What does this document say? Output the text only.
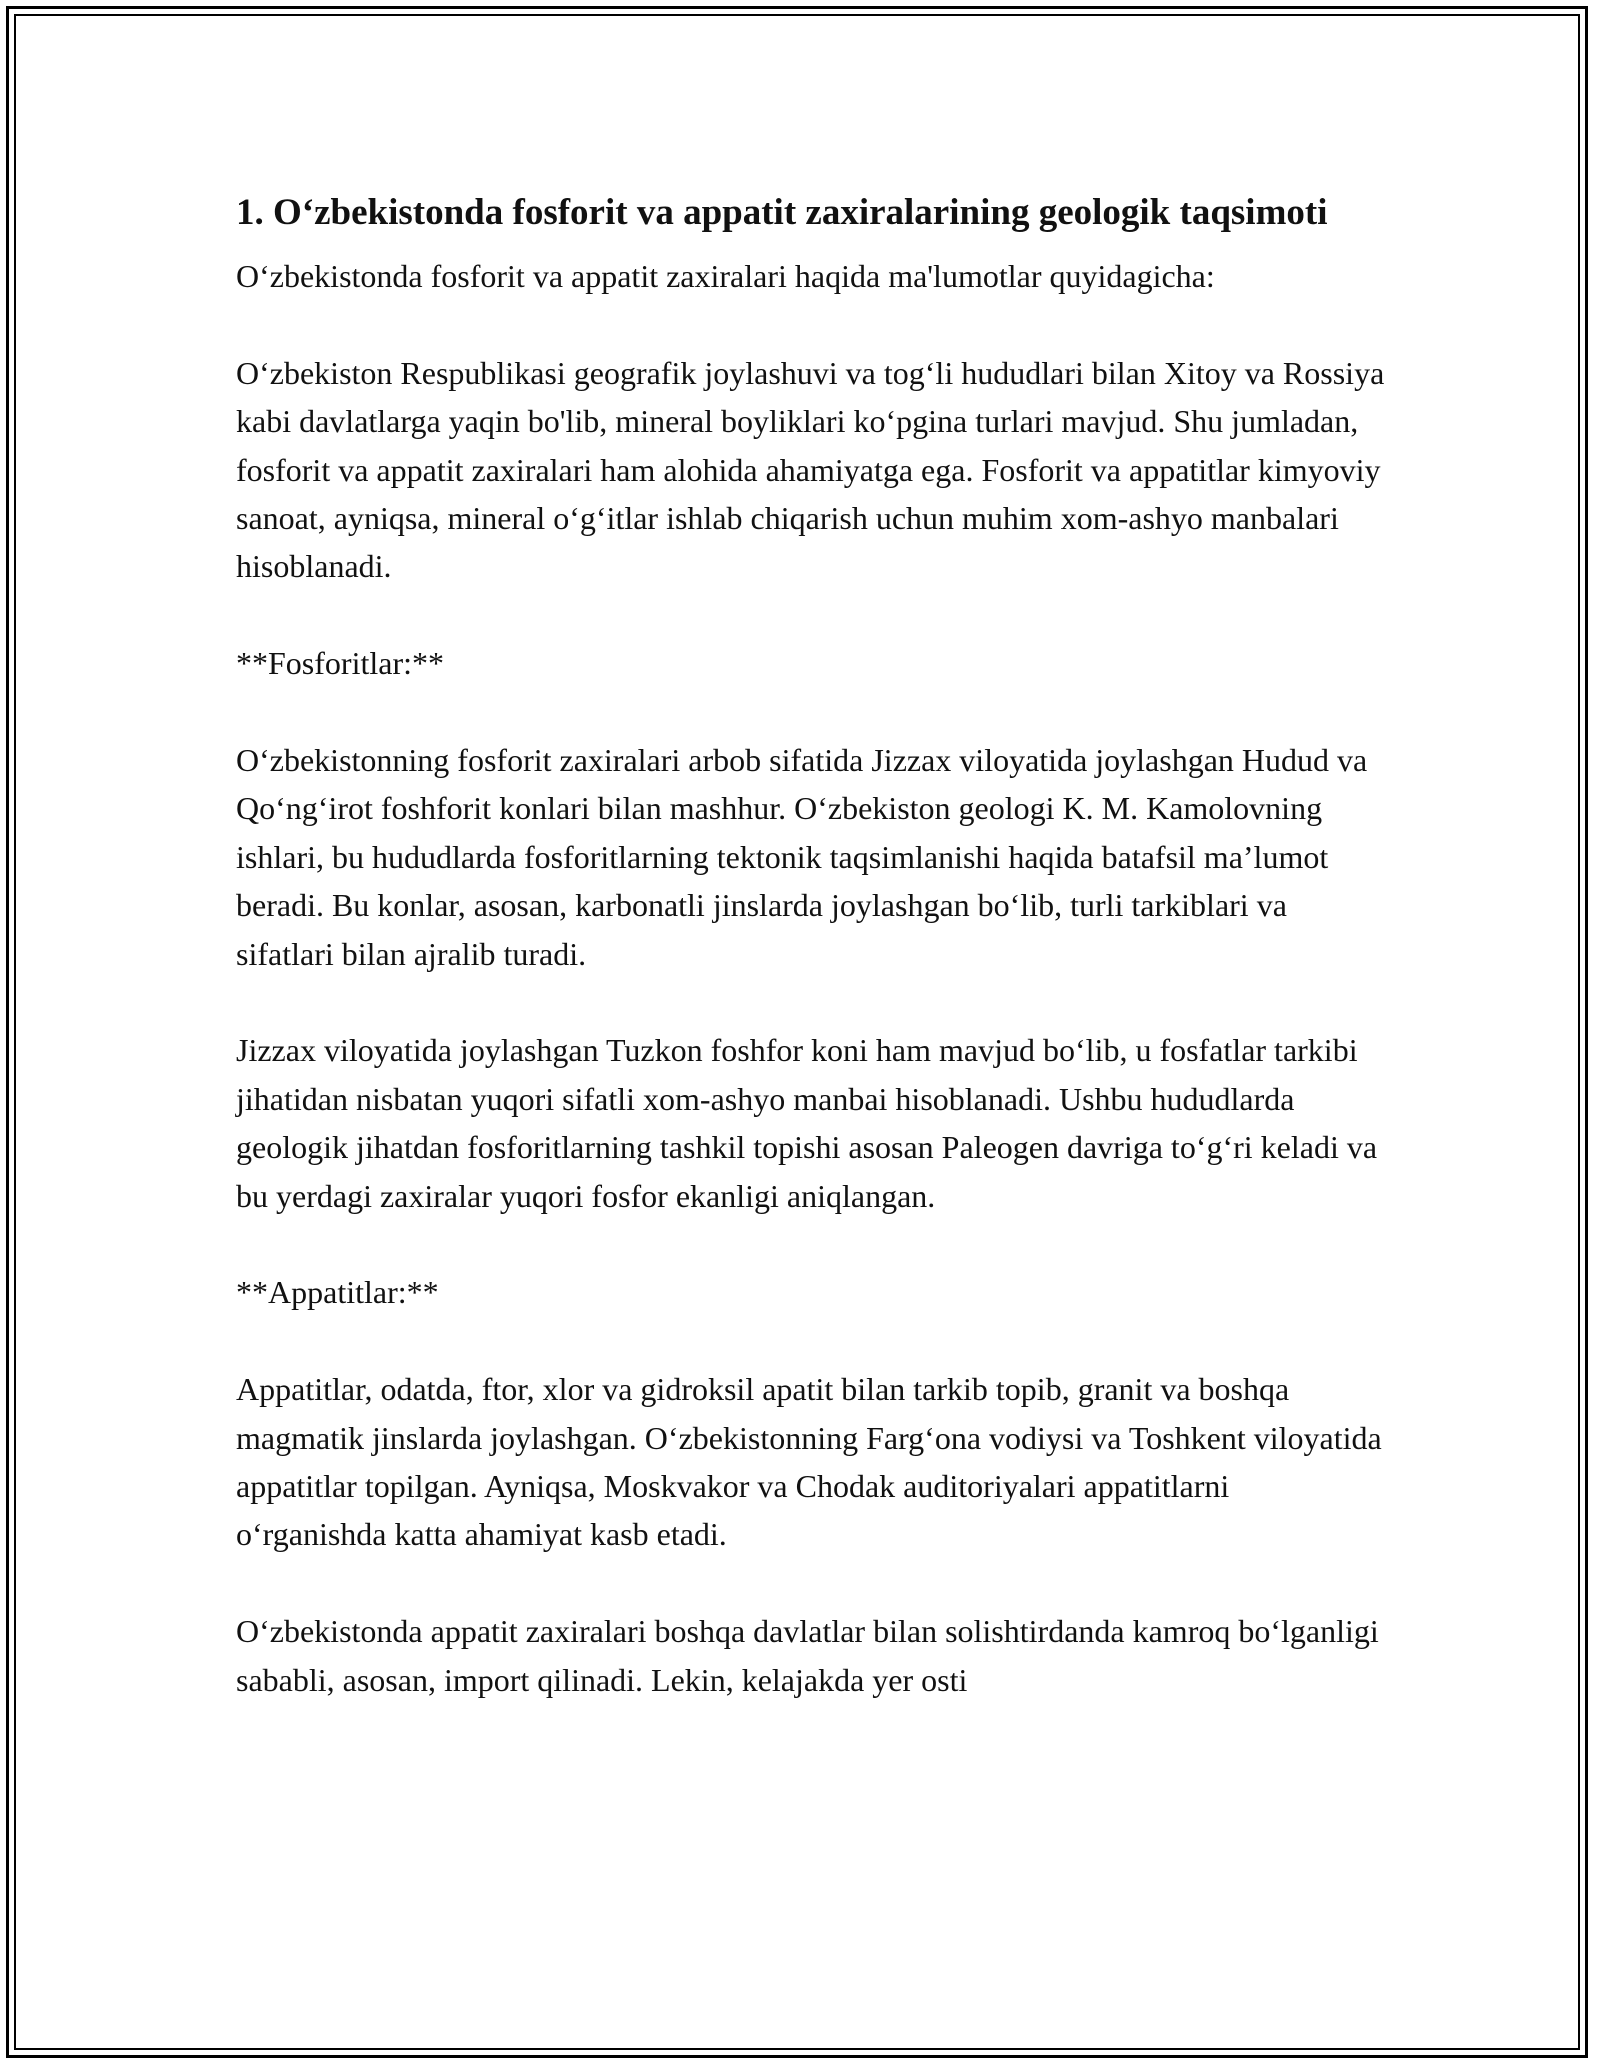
1. O‘zbekistonda fosforit va appatit zaxiralarining geologik taqsimoti

O‘zbekistonda fosforit va appatit zaxiralari haqida ma'lumotlar quyidagicha:

O‘zbekiston Respublikasi geografik joylashuvi va tog‘li hududlari bilan Xitoy va Rossiya kabi davlatlarga yaqin bo'lib, mineral boyliklari ko‘pgina turlari mavjud. Shu jumladan, fosforit va appatit zaxiralari ham alohida ahamiyatga ega. Fosforit va appatitlar kimyoviy sanoat, ayniqsa, mineral o‘g‘itlar ishlab chiqarish uchun muhim xom-ashyo manbalari hisoblanadi.

**Fosforitlar:**

O‘zbekistonning fosforit zaxiralari arbob sifatida Jizzax viloyatida joylashgan Hudud va Qo‘ng‘irot foshforit konlari bilan mashhur. O‘zbekiston geologi K. M. Kamolovning ishlari, bu hududlarda fosforitlarning tektonik taqsimlanishi haqida batafsil ma’lumot beradi. Bu konlar, asosan, karbonatli jinslarda joylashgan bo‘lib, turli tarkiblari va sifatlari bilan ajralib turadi.

Jizzax viloyatida joylashgan Tuzkon foshfor koni ham mavjud bo‘lib, u fosfatlar tarkibi jihatidan nisbatan yuqori sifatli xom-ashyo manbai hisoblanadi. Ushbu hududlarda geologik jihatdan fosforitlarning tashkil topishi asosan Paleogen davriga to‘g‘ri keladi va bu yerdagi zaxiralar yuqori fosfor ekanligi aniqlangan.

**Appatitlar:**

Appatitlar, odatda, ftor, xlor va gidroksil apatit bilan tarkib topib, granit va boshqa magmatik jinslarda joylashgan. O‘zbekistonning Farg‘ona vodiysi va Toshkent viloyatida appatitlar topilgan. Ayniqsa, Moskvakor va Chodak auditoriyalari appatitlarni o‘rganishda katta ahamiyat kasb etadi.

O‘zbekistonda appatit zaxiralari boshqa davlatlar bilan solishtirdanda kamroq bo‘lganligi sababli, asosan, import qilinadi. Lekin, kelajakda yer osti
